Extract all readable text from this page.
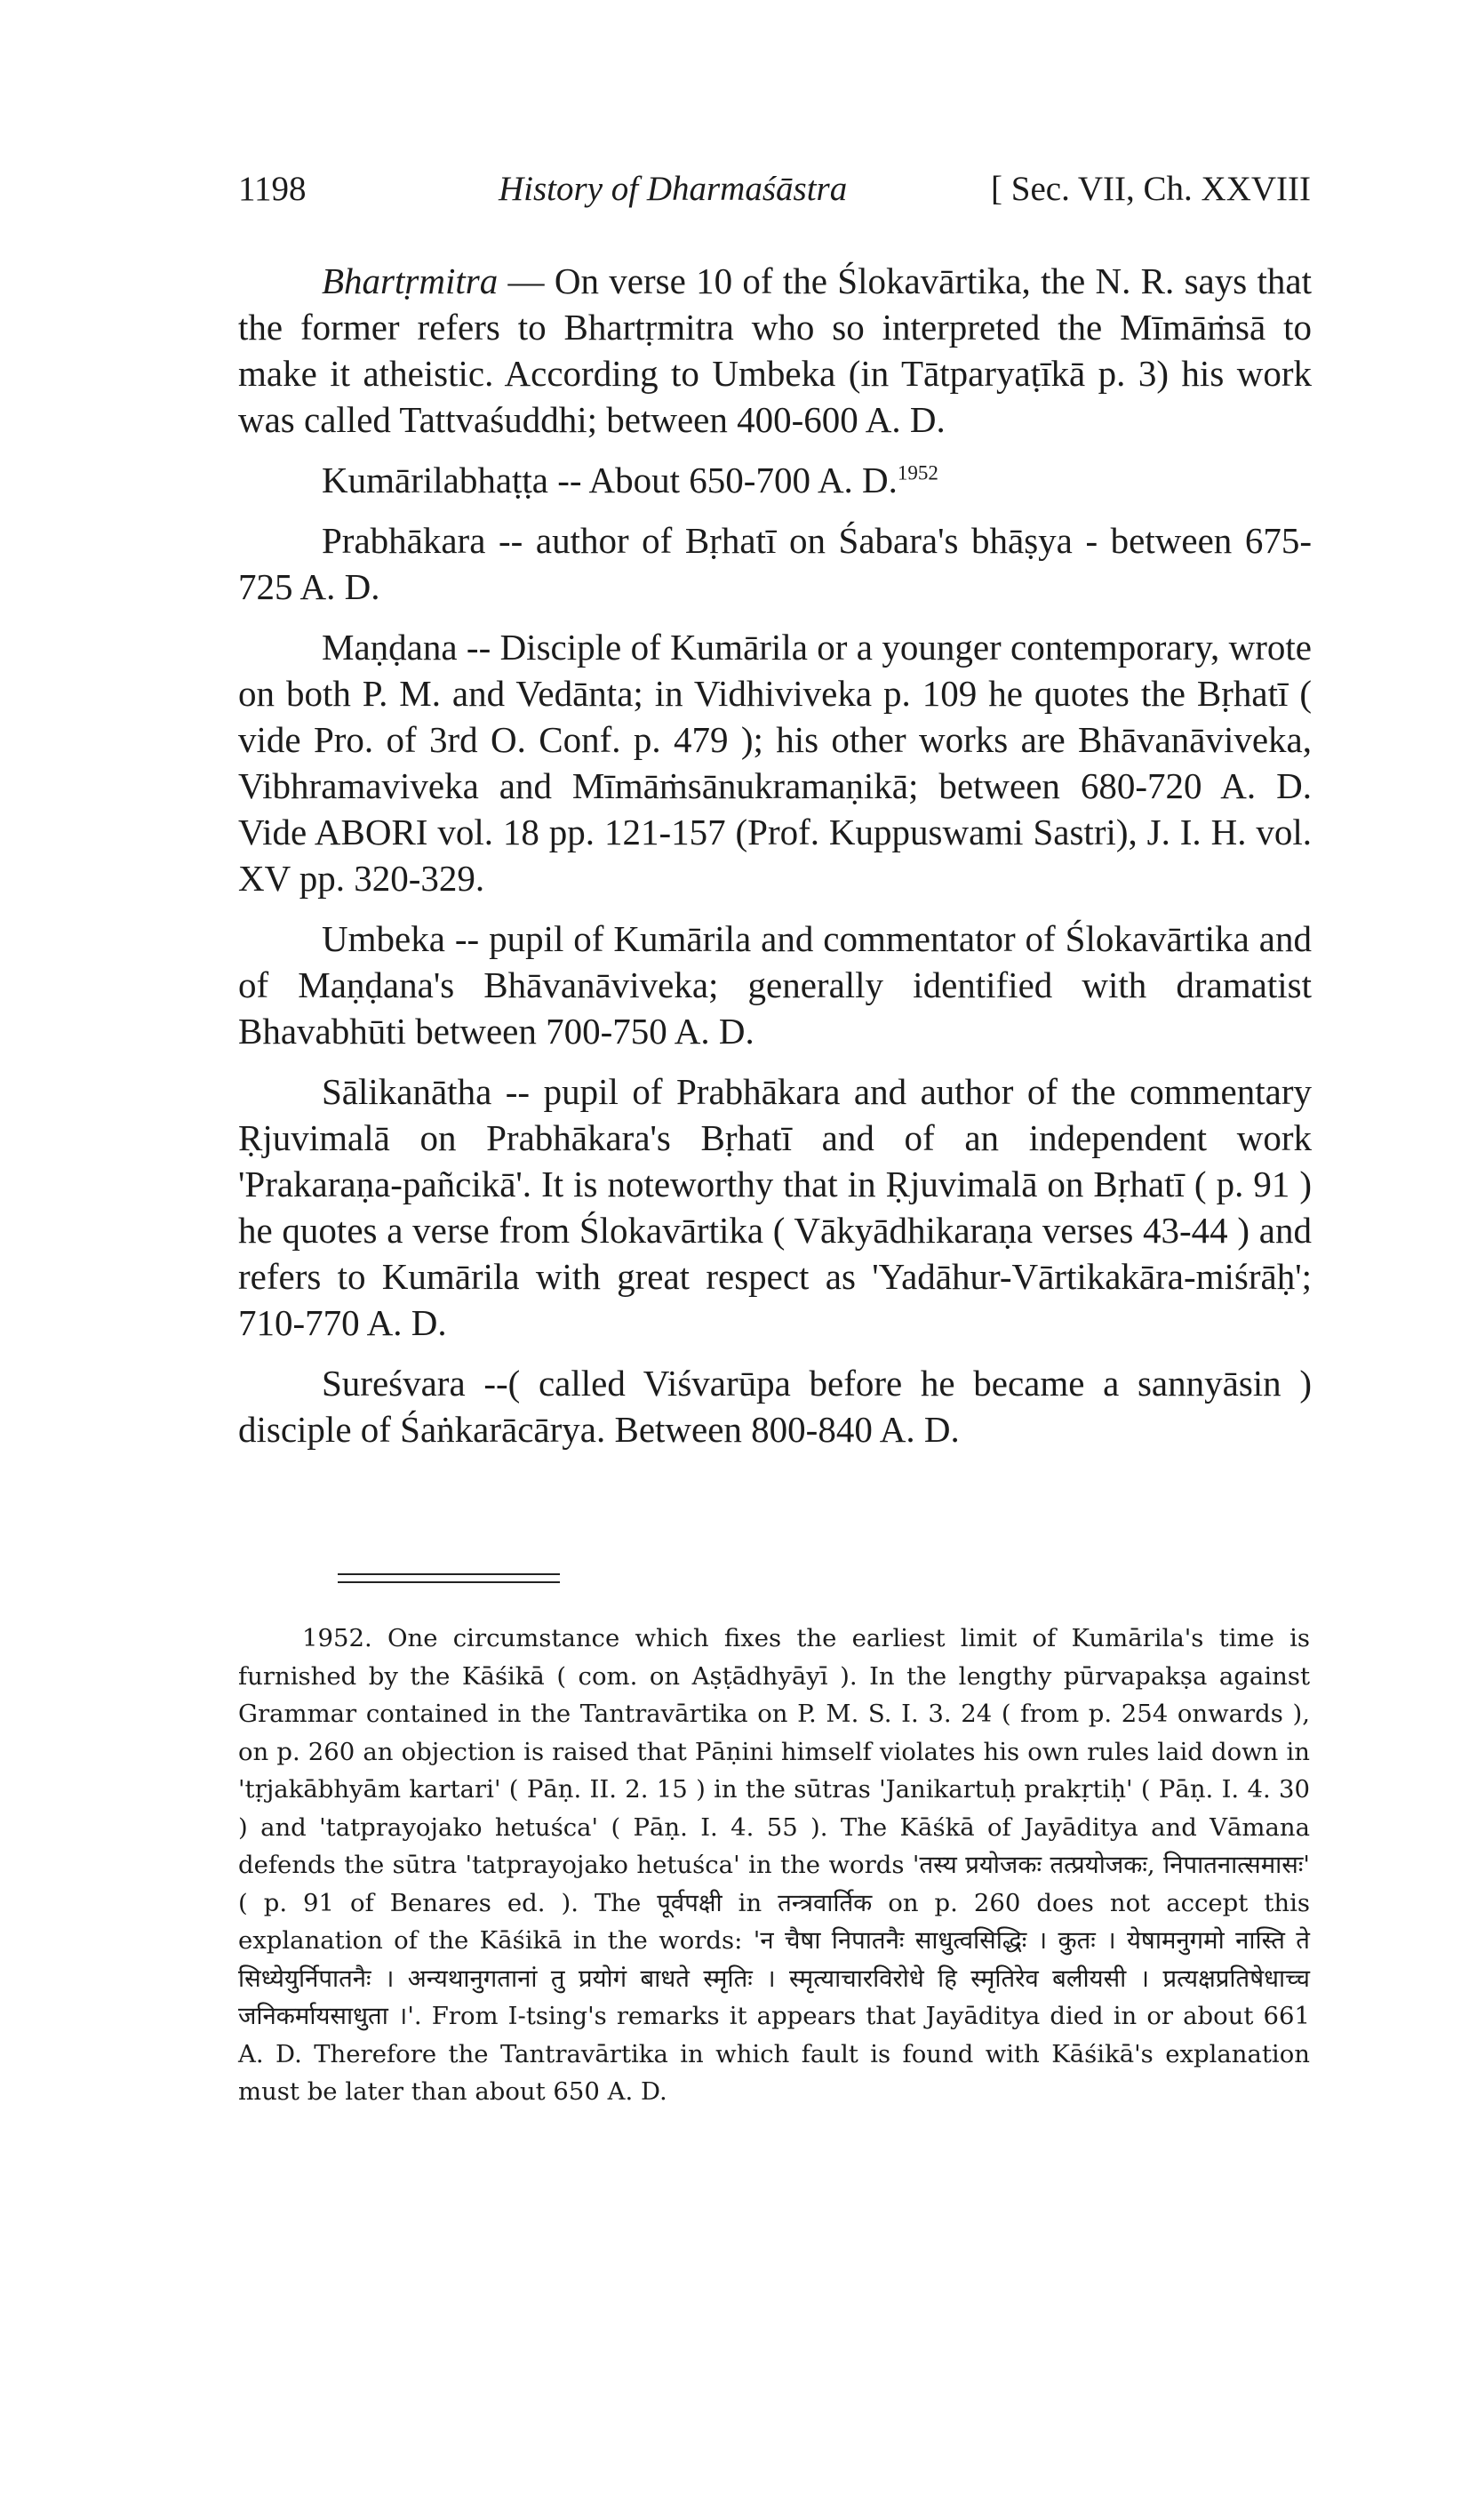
1198	History of Dharmaśāstra	[ Sec. VII, Ch. XXVIII

Bhartṛmitra — On verse 10 of the Ślokavārtika, the N. R. says that the former refers to Bhartṛmitra who so interpreted the Mīmāṁsā to make it atheistic. According to Umbeka (in Tātparyaṭīkā p. 3) his work was called Tattvaśuddhi; between 400-600 A. D.

Kumārilabhaṭṭa -- About 650-700 A. D.$^{1952}$

Prabhākara -- author of Bṛhatī on Śabara's bhāṣya - between 675-725 A. D.

Maṇḍana -- Disciple of Kumārila or a younger contemporary, wrote on both P. M. and Vedānta; in Vidhiviveka p. 109 he quotes the Bṛhatī ( vide Pro. of 3rd O. Conf. p. 479 ); his other works are Bhāvanāviveka, Vibhramaviveka and Mīmāṁsānukramaṇikā; between 680-720 A. D. Vide ABORI vol. 18 pp. 121-157 (Prof. Kuppuswami Sastri), J. I. H. vol. XV pp. 320-329.

Umbeka -- pupil of Kumārila and commentator of Ślokavārtika and of Maṇḍana's Bhāvanāviveka; generally identified with dramatist Bhavabhūti between 700-750 A. D.

Sālikanātha -- pupil of Prabhākara and author of the commentary Ṛjuvimalā on Prabhākara's Bṛhatī and of an independent work 'Prakaraṇa-pañcikā'. It is noteworthy that in Ṛjuvimalā on Bṛhatī ( p. 91 ) he quotes a verse from Ślokavārtika ( Vākyādhikaraṇa verses 43-44 ) and refers to Kumārila with great respect as 'Yadāhur-Vārtikakāra-miśrāḥ'; 710-770 A. D.

Sureśvara --( called Viśvarūpa before he became a sannyāsin ) disciple of Śaṅkarācārya. Between 800-840 A. D.

1952. One circumstance which fixes the earliest limit of Kumārila's time is furnished by the Kāśikā ( com. on Aṣṭādhyāyī ). In the lengthy pūrvapakṣa against Grammar contained in the Tantravārtika on P. M. S. I. 3. 24 ( from p. 254 onwards ), on p. 260 an objection is raised that Pāṇini himself violates his own rules laid down in 'tṛjakābhyām kartari' ( Pāṇ. II. 2. 15 ) in the sūtras 'Janikartuḥ prakṛtiḥ' ( Pāṇ. I. 4. 30 ) and 'tatprayojako hetuśca' ( Pāṇ. I. 4. 55 ). The Kāśkā of Jayāditya and Vāmana defends the sūtra 'tatprayojako hetuśca' in the words 'तस्य प्रयोजकः तत्प्रयोजकः, निपातनात्समासः' ( p. 91 of Benares ed. ). The पूर्वपक्षी in तन्त्रवार्तिक on p. 260 does not accept this explanation of the Kāśikā in the words: 'न चैषा निपातनैः साधुत्वसिद्धिः । कुतः । येषामनुगमो नास्ति ते सिध्येयुर्निपातनैः । अन्यथानुगतानां तु प्रयोगं बाधते स्मृतिः । स्मृत्याचारविरोधे हि स्मृतिरेव बलीयसी । प्रत्यक्षप्रतिषेधाच्च जनिकर्मायसाधुता ।'. From I-tsing's remarks it appears that Jayāditya died in or about 661 A. D. Therefore the Tantravārtika in which fault is found with Kāśikā's explanation must be later than about 650 A. D.
